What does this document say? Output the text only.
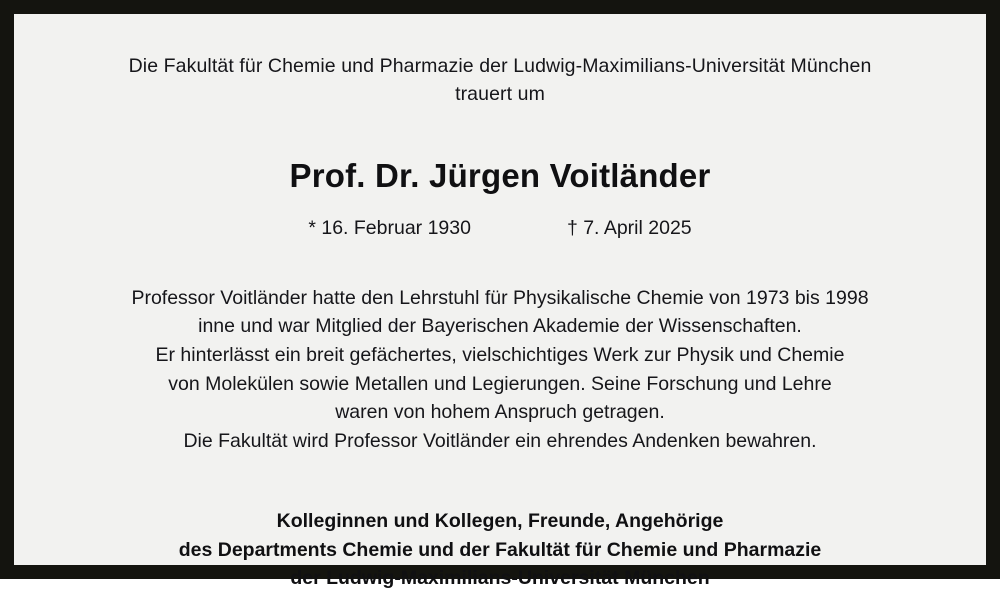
Die Fakultät für Chemie und Pharmazie der Ludwig-Maximilians-Universität München
trauert um
Prof. Dr. Jürgen Voitländer
* 16. Februar 1930	† 7. April 2025
Professor Voitländer hatte den Lehrstuhl für Physikalische Chemie von 1973 bis 1998
inne und war Mitglied der Bayerischen Akademie der Wissenschaften.
Er hinterlässt ein breit gefächertes, vielschichtiges Werk zur Physik und Chemie
von Molekülen sowie Metallen und Legierungen. Seine Forschung und Lehre
waren von hohem Anspruch getragen.
Die Fakultät wird Professor Voitländer ein ehrendes Andenken bewahren.
Kolleginnen und Kollegen, Freunde, Angehörige
des Departments Chemie und der Fakultät für Chemie und Pharmazie
der Ludwig-Maximilians-Universität München
